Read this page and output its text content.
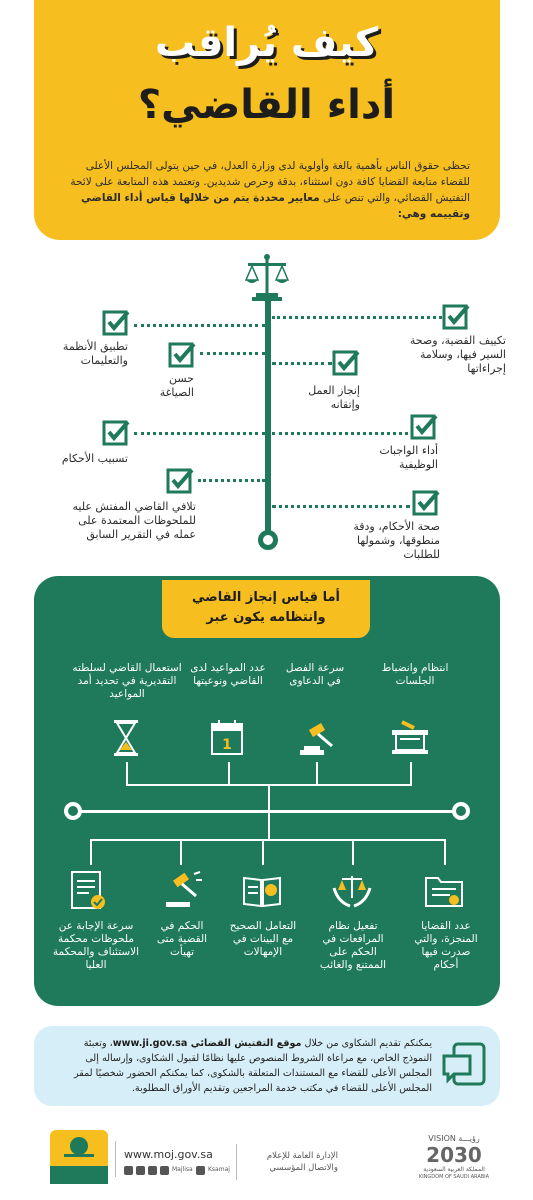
كيف يُراقب
أداء القاضي؟
تحظى حقوق الناس بأهمية بالغة وأولوية لدى وزارة العدل، في حين يتولى المجلس الأعلى للقضاء متابعة القضايا كافة دون استثناء، بدقة وحرص شديدين. وتعتمد هذه المتابعة على لائحة التفتيش القضائي، والتي تنص على معايير محددة يتم من خلالها قياس أداء القاضي وتقييمه وهي:
تكييف القضية، وصحة السير فيها، وسلامة إجراءاتها
إنجاز العمل وإتقانه
أداء الواجبات الوظيفية
صحة الأحكام، ودقة منطوقها، وشمولها للطلبات
تطبيق الأنظمة والتعليمات
حسن الصياغة
تسبيب الأحكام
تلافي القاضي المفتش عليه للملحوظات المعتمدة على عمله في التقرير السابق
أما قياس إنجاز القاضي
وانتظامه يكون عبر
انتظام وانضباط الجلسات
سرعة الفصل في الدعاوى
عدد المواعيد لدى القاضي ونوعيتها
استعمال القاضي لسلطته التقديرية في تحديد أمد المواعيد
1
عدد القضايا المنجزة، والتي صدرت فيها أحكام
تفعيل نظام المرافعات في الحكم على الممتنع والغائب
التعامل الصحيح مع البينات في الإمهالات
الحكم في القضية متى تهيأت
سرعة الإجابة عن ملحوظات محكمة الاستئناف والمحكمة العليا
يمكنكم تقديم الشكاوى من خلال موقع التفتيش القضائي www.ji.gov.sa، وتعبئة النموذج الخاص، مع مراعاة الشروط المنصوص عليها نظامًا لقبول الشكاوى، وإرساله إلى المجلس الأعلى للقضاء مع المستندات المتعلقة بالشكوى، كما يمكنكم الحضور شخصيًا لمقر المجلس الأعلى للقضاء في مكتب خدمة المراجعين وتقديم الأوراق المطلوبة.
www.moj.gov.sa
Majlisa	Ksamaj
الإدارة العامة للإعلام
والاتصال المؤسسي
VISION رؤيـــة
2030
المملكة العربية السعودية
KINGDOM OF SAUDI ARABIA
